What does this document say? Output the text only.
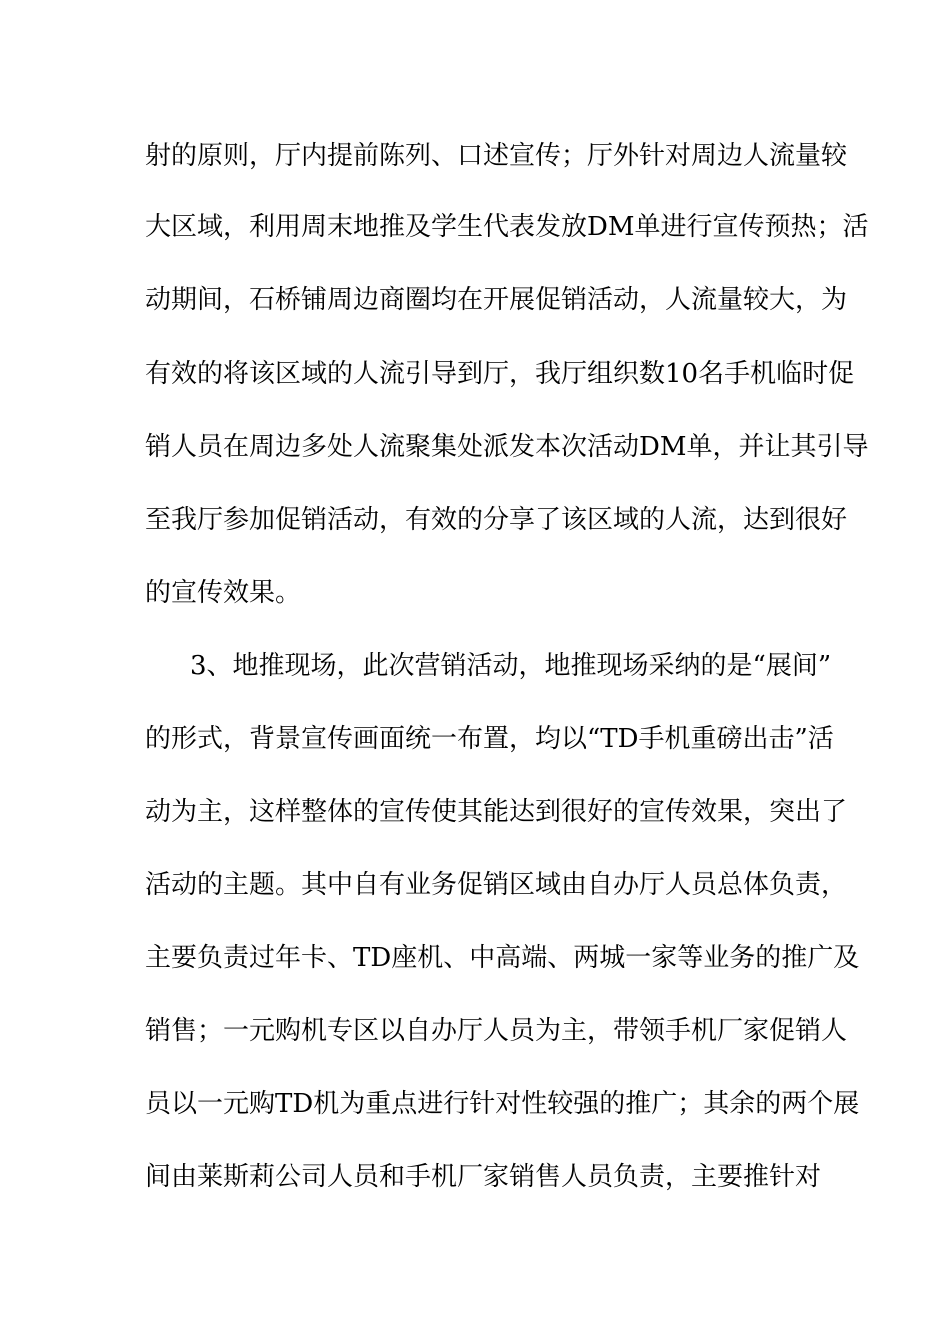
射的原则，厅内提前陈列、口述宣传；厅外针对周边人流量较
大区域，利用周末地推及学生代表发放DM单进行宣传预热；活
动期间，石桥铺周边商圈均在开展促销活动，人流量较大，为
有效的将该区域的人流引导到厅，我厅组织数10名手机临时促
销人员在周边多处人流聚集处派发本次活动DM单，并让其引导
至我厅参加促销活动，有效的分享了该区域的人流，达到很好
的宣传效果。
3、地推现场，此次营销活动，地推现场采纳的是“展间”
的形式，背景宣传画面统一布置，均以“TD手机重磅出击”活
动为主，这样整体的宣传使其能达到很好的宣传效果，突出了
活动的主题。其中自有业务促销区域由自办厅人员总体负责，
主要负责过年卡、TD座机、中高端、两城一家等业务的推广及
销售；一元购机专区以自办厅人员为主，带领手机厂家促销人
员以一元购TD机为重点进行针对性较强的推广；其余的两个展
间由莱斯莉公司人员和手机厂家销售人员负责，主要推针对
